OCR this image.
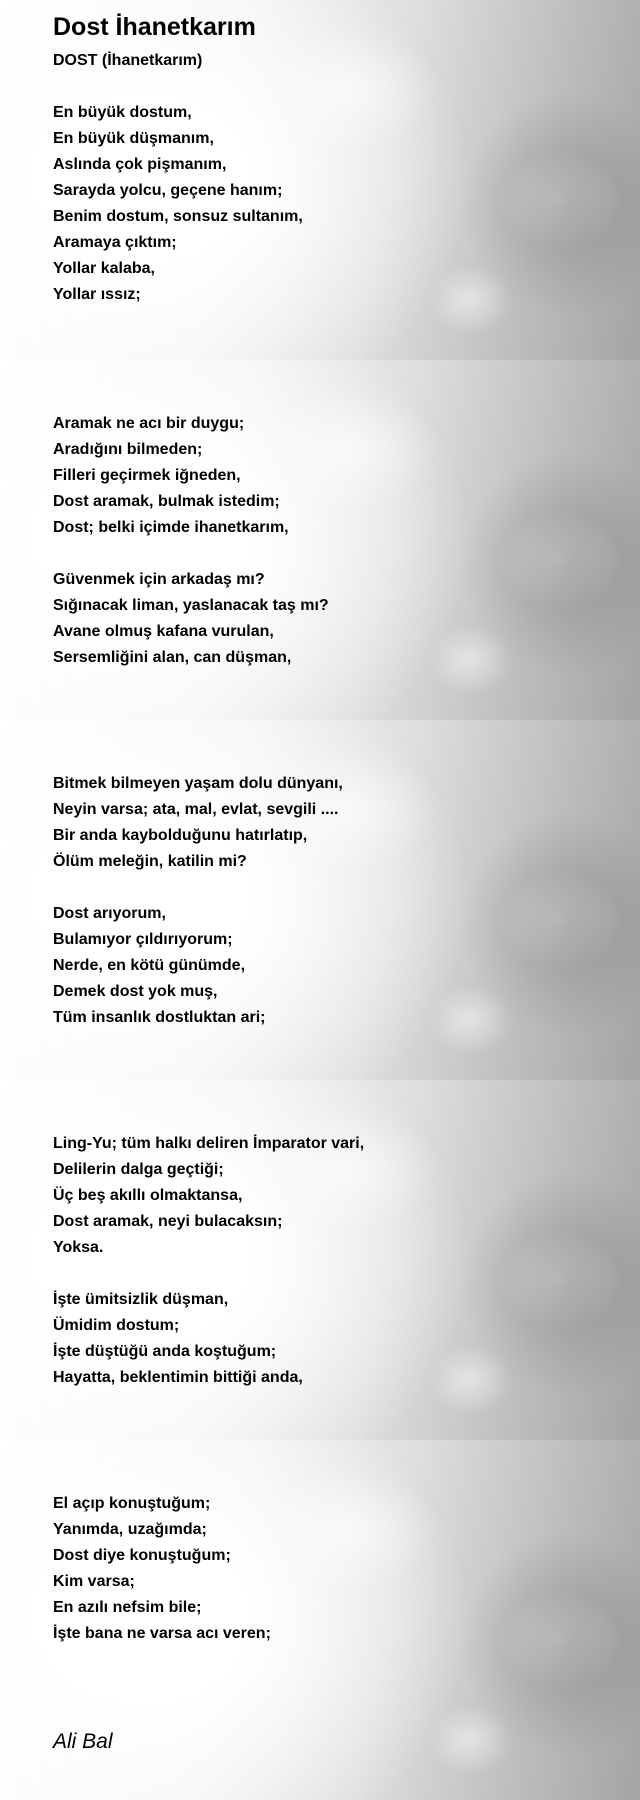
Dost İhanetkarım
DOST (İhanetkarım)
En büyük dostum,
En büyük düşmanım,
Aslında çok pişmanım,
Sarayda yolcu, geçene hanım;
Benim dostum, sonsuz sultanım,
Aramaya çıktım;
Yollar kalaba,
Yollar ıssız;
Aramak ne acı bir duygu;
Aradığını bilmeden;
Filleri geçirmek iğneden,
Dost aramak, bulmak istedim;
Dost; belki içimde ihanetkarım,
Güvenmek için arkadaş mı?
Sığınacak liman, yaslanacak taş mı?
Avane olmuş kafana vurulan,
Sersemliğini alan, can düşman,
Bitmek bilmeyen yaşam dolu dünyanı,
Neyin varsa; ata, mal, evlat, sevgili ....
Bir anda kaybolduğunu hatırlatıp,
Ölüm meleğin, katilin mi?
Dost arıyorum,
Bulamıyor çıldırıyorum;
Nerde, en kötü günümde,
Demek dost yok muş,
Tüm insanlık dostluktan ari;
Ling-Yu; tüm halkı deliren İmparator vari,
Delilerin dalga geçtiği;
Üç beş akıllı olmaktansa,
Dost aramak, neyi bulacaksın;
Yoksa.
İşte ümitsizlik düşman,
Ümidim dostum;
İşte düştüğü anda koştuğum;
Hayatta, beklentimin bittiği anda,
El açıp konuştuğum;
Yanımda, uzağımda;
Dost diye konuştuğum;
Kim varsa;
En azılı nefsim bile;
İşte bana ne varsa acı veren;
Ali Bal
